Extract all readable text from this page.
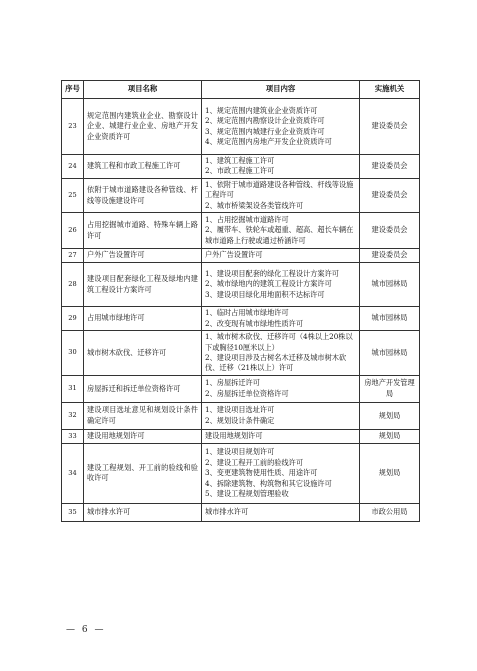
序号	项目名称	项目内容	实施机关
23	规定范围内建筑业企业、勘察设计企业、城建行业企业、房地产开发企业资质许可	1、规定范围内建筑业企业资质许可
2、规定范围内勘察设计企业资质许可
3、规定范围内城建行业企业资质许可
4、规定范围内房地产开发企业资质许可	建设委员会
24	建筑工程和市政工程施工许可	1、建筑工程施工许可
2、市政工程施工许可	建设委员会
25	依附于城市道路建设各种管线、杆线等设施建设许可	1、依附于城市道路建设各种管线、杆线等设施工程许可
2、城市桥梁架设各类管线许可	建设委员会
26	占用挖掘城市道路、特殊车辆上路许可	1、占用挖掘城市道路许可
2、履带车、铁轮车或超重、超高、超长车辆在城市道路上行驶或通过桥涵许可	建设委员会
27	户外广告设置许可	户外广告设置许可	建设委员会
28	建设项目配套绿化工程及绿地内建筑工程设计方案许可	1、建设项目配套的绿化工程设计方案许可
2、城市绿地内的建筑工程设计方案许可
3、建设项目绿化用地面积不达标许可	城市园林局
29	占用城市绿地许可	1、临时占用城市绿地许可
2、改变现有城市绿地性质许可	城市园林局
30	城市树木砍伐、迁移许可	1、城市树木砍伐、迁移许可（4株以上20株以下或胸径10厘米以上）
2、建设项目涉及古树名木迁移及城市树木砍伐、迁移（21株以上）许可	城市园林局
31	房屋拆迁和拆迁单位资格许可	1、房屋拆迁许可
2、房屋拆迁单位资格许可	房地产开发管理局
32	建设项目选址意见和规划设计条件确定许可	1、建设项目选址许可
2、规划设计条件确定	规划局
33	建设用地规划许可	建设用地规划许可	规划局
34	建设工程规划、开工前的验线和验收许可	1、建设项目规划许可
2、建设工程开工前的验线许可
3、变更建筑物使用性质、用途许可
4、拆除建筑物、构筑物和其它设施许可
5、建设工程规划管理验收	规划局
35	城市排水许可	城市排水许可	市政公用局
— 6 —
